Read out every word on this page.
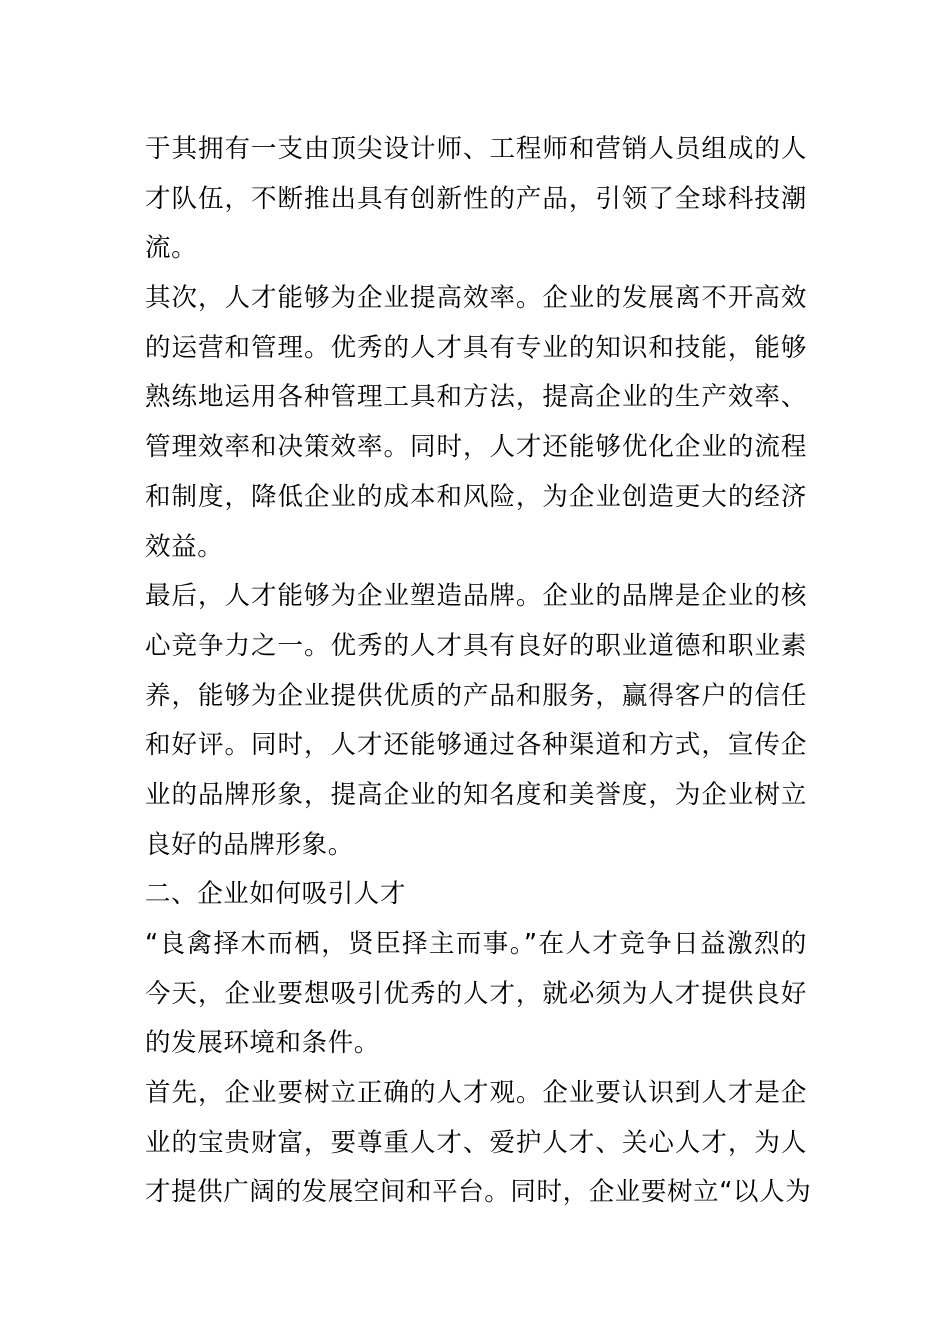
于其拥有一支由顶尖设计师、工程师和营销人员组成的人
才队伍，不断推出具有创新性的产品，引领了全球科技潮
流。
其次，人才能够为企业提高效率。企业的发展离不开高效
的运营和管理。优秀的人才具有专业的知识和技能，能够
熟练地运用各种管理工具和方法，提高企业的生产效率、
管理效率和决策效率。同时，人才还能够优化企业的流程
和制度，降低企业的成本和风险，为企业创造更大的经济
效益。
最后，人才能够为企业塑造品牌。企业的品牌是企业的核
心竞争力之一。优秀的人才具有良好的职业道德和职业素
养，能够为企业提供优质的产品和服务，赢得客户的信任
和好评。同时，人才还能够通过各种渠道和方式，宣传企
业的品牌形象，提高企业的知名度和美誉度，为企业树立
良好的品牌形象。
二、企业如何吸引人才
“良禽择木而栖，贤臣择主而事。”在人才竞争日益激烈的
今天，企业要想吸引优秀的人才，就必须为人才提供良好
的发展环境和条件。
首先，企业要树立正确的人才观。企业要认识到人才是企
业的宝贵财富，要尊重人才、爱护人才、关心人才，为人
才提供广阔的发展空间和平台。同时，企业要树立“以人为
